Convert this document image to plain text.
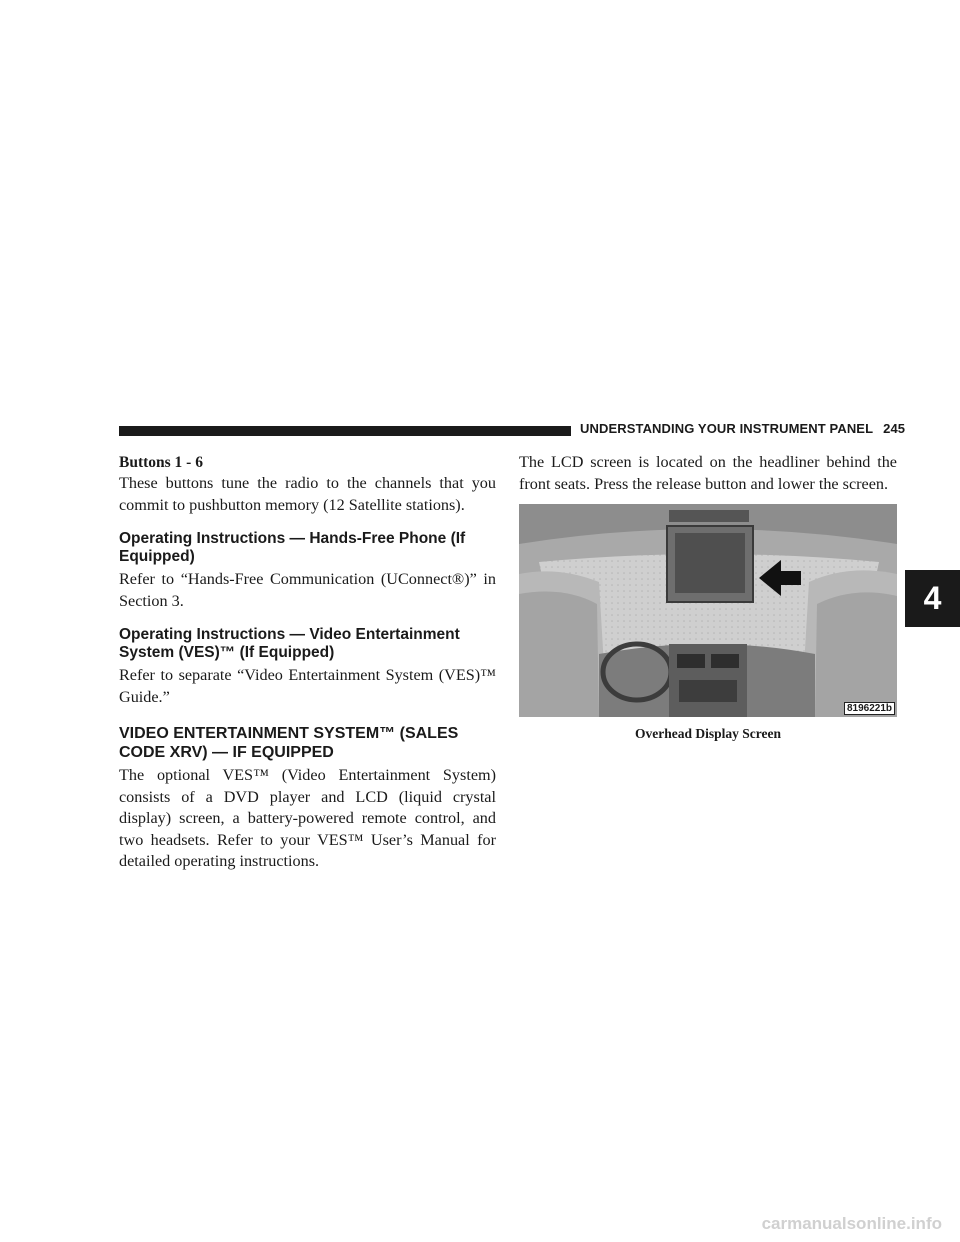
UNDERSTANDING YOUR INSTRUMENT PANEL 245
Buttons 1 - 6

These buttons tune the radio to the channels that you commit to pushbutton memory (12 Satellite stations).

Operating Instructions — Hands-Free Phone (If Equipped)

Refer to “Hands-Free Communication (UConnect®)” in Section 3.

Operating Instructions — Video Entertainment System (VES)™ (If Equipped)

Refer to separate “Video Entertainment System (VES)™ Guide.”

VIDEO ENTERTAINMENT SYSTEM™ (SALES CODE XRV) — IF EQUIPPED

The optional VES™ (Video Entertainment System) consists of a DVD player and LCD (liquid crystal display) screen, a battery-powered remote control, and two headsets. Refer to your VES™ User’s Manual for detailed operating instructions.

The LCD screen is located on the headliner behind the front seats. Press the release button and lower the screen.

8196221b
Overhead Display Screen
4
carmanualsonline.info
